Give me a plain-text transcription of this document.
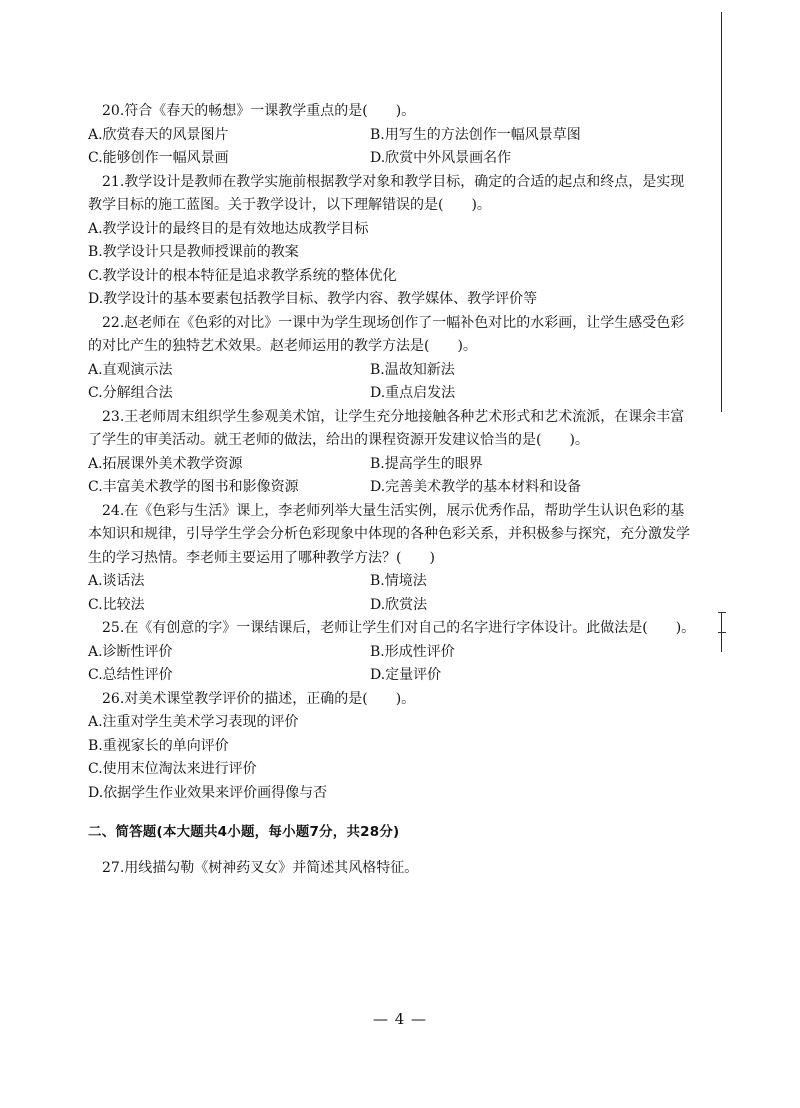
20.符合《春天的畅想》一课教学重点的是(　　)。
A.欣赏春天的风景图片	B.用写生的方法创作一幅风景草图
C.能够创作一幅风景画	D.欣赏中外风景画名作
21.教学设计是教师在教学实施前根据教学对象和教学目标，确定的合适的起点和终点，是实现教学目标的施工蓝图。关于教学设计，以下理解错误的是(　　)。
A.教学设计的最终目的是有效地达成教学目标
B.教学设计只是教师授课前的教案
C.教学设计的根本特征是追求教学系统的整体优化
D.教学设计的基本要素包括教学目标、教学内容、教学媒体、教学评价等
22.赵老师在《色彩的对比》一课中为学生现场创作了一幅补色对比的水彩画，让学生感受色彩的对比产生的独特艺术效果。赵老师运用的教学方法是(　　)。
A.直观演示法	B.温故知新法
C.分解组合法	D.重点启发法
23.王老师周末组织学生参观美术馆，让学生充分地接触各种艺术形式和艺术流派，在课余丰富了学生的审美活动。就王老师的做法，给出的课程资源开发建议恰当的是(　　)。
A.拓展课外美术教学资源	B.提高学生的眼界
C.丰富美术教学的图书和影像资源	D.完善美术教学的基本材料和设备
24.在《色彩与生活》课上，李老师列举大量生活实例，展示优秀作品，帮助学生认识色彩的基本知识和规律，引导学生学会分析色彩现象中体现的各种色彩关系，并积极参与探究，充分激发学生的学习热情。李老师主要运用了哪种教学方法？(　　)
A.谈话法	B.情境法
C.比较法	D.欣赏法
25.在《有创意的字》一课结课后，老师让学生们对自己的名字进行字体设计。此做法是(　　)。
A.诊断性评价	B.形成性评价
C.总结性评价	D.定量评价
26.对美术课堂教学评价的描述，正确的是(　　)。
A.注重对学生美术学习表现的评价
B.重视家长的单向评价
C.使用末位淘汰来进行评价
D.依据学生作业效果来评价画得像与否
二、简答题(本大题共4小题，每小题7分，共28分)
27.用线描勾勒《树神药叉女》并简述其风格特征。
— 4 —
